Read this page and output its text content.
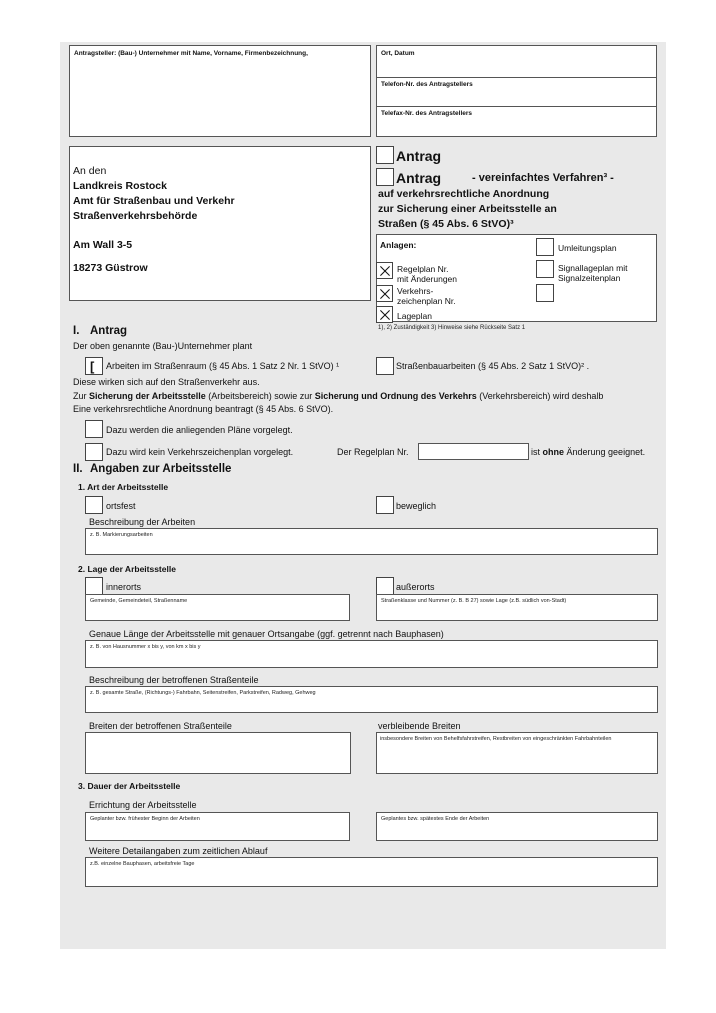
Antragsteller: (Bau-) Unternehmer mit Name, Vorname, Firmenbezeichnung,	Ort, Datum
Telefon-Nr. des Antragstellers
Telefax-Nr. des Antragstellers
An den
Landkreis Rostock
Amt für Straßenbau und Verkehr
Straßenverkehrsbehörde
Am Wall 3-5
18273 Güstrow
Antrag
Antrag	- vereinfachtes Verfahren³ -
auf verkehrsrechtliche Anordnung
zur Sicherung einer Arbeitsstelle an
Straßen (§ 45 Abs. 6 StVO)³
Anlagen:
Regelplan Nr.
mit Änderungen
Verkehrs-
zeichenplan Nr.
Lageplan
Umleitungsplan
Signallageplan mit
Signalzeitenplan
1), 2) Zuständigkeit 3) Hinweise siehe Rückseite Satz 1
I. Antrag
Der oben genannte (Bau-)Unternehmer plant
[ Arbeiten im Straßenraum (§ 45 Abs. 1 Satz 2 Nr. 1 StVO) ¹	Straßenbauarbeiten (§ 45 Abs. 2 Satz 1 StVO)² .
Diese wirken sich auf den Straßenverkehr aus.
Zur Sicherung der Arbeitsstelle (Arbeitsbereich) sowie zur Sicherung und Ordnung des Verkehrs (Verkehrsbereich) wird deshalb
Eine verkehrsrechtliche Anordnung beantragt (§ 45 Abs. 6 StVO).
Dazu werden die anliegenden Pläne vorgelegt.
Dazu wird kein Verkehrszeichenplan vorgelegt.	Der Regelplan Nr.	ist ohne Änderung geeignet.
II. Angaben zur Arbeitsstelle
1. Art der Arbeitsstelle
ortsfest	beweglich
Beschreibung der Arbeiten
z. B. Markierungsarbeiten
2. Lage der Arbeitsstelle
innerorts	außerorts
Gemeinde, Gemeindeteil, Straßenname	Straßenklasse und Nummer (z. B. B 27) sowie Lage (z.B. südlich von-Stadt)
Genaue Länge der Arbeitsstelle mit genauer Ortsangabe (ggf. getrennt nach Bauphasen)
z. B. von Hausnummer x bis y, von km x bis y
Beschreibung der betroffenen Straßenteile
z. B. gesamte Straße, (Richtungs-) Fahrbahn, Seitenstreifen, Parkstreifen, Radweg, Gehweg
Breiten der betroffenen Straßenteile	verbleibende Breiten
insbesondere Breiten von Behelfsfahrstreifen, Restbreiten von eingeschränkten Fahrbahnteilen
3. Dauer der Arbeitsstelle
Errichtung der Arbeitsstelle
Geplanter bzw. frühester Beginn der Arbeiten	Geplantes bzw. spätestes Ende der Arbeiten
Weitere Detailangaben zum zeitlichen Ablauf
z.B. einzelne Bauphasen, arbeitsfreie Tage
